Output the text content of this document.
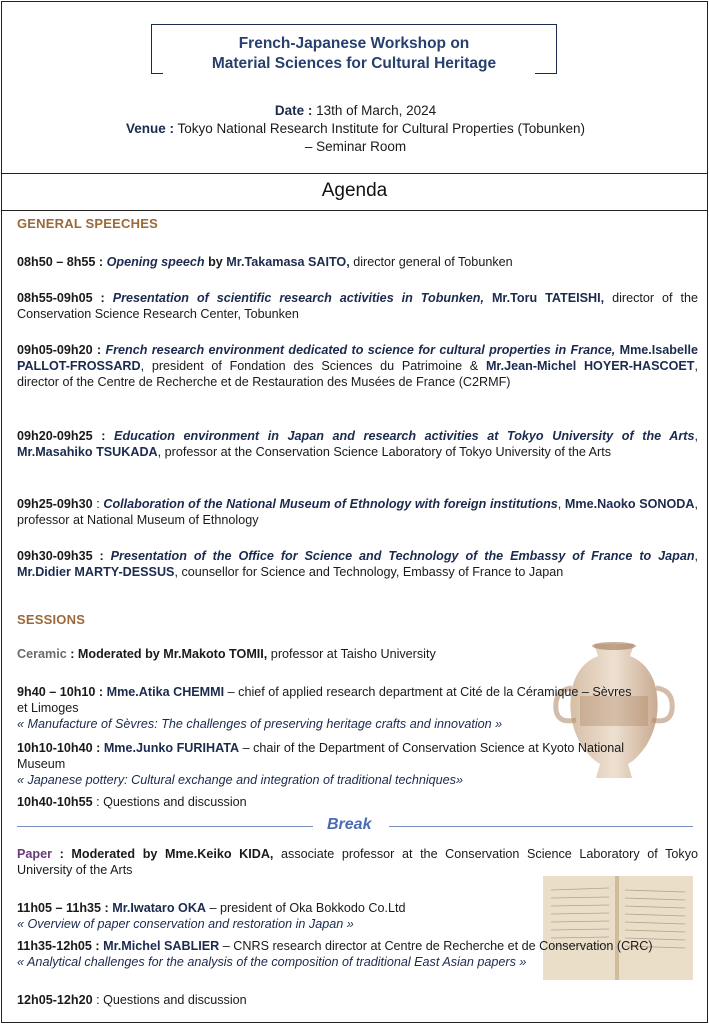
French-Japanese Workshop on
Material Sciences for Cultural Heritage
Date : 13th of March, 2024
Venue : Tokyo National Research Institute for Cultural Properties (Tobunken)
– Seminar Room
Agenda
GENERAL SPEECHES
08h50 – 8h55 : Opening speech by Mr.Takamasa SAITO, director general of Tobunken
08h55-09h05 : Presentation of scientific research activities in Tobunken, Mr.Toru TATEISHI, director of the Conservation Science Research Center, Tobunken
09h05-09h20 : French research environment dedicated to science for cultural properties in France, Mme.Isabelle PALLOT-FROSSARD, president of Fondation des Sciences du Patrimoine & Mr.Jean-Michel HOYER-HASCOET, director of the Centre de Recherche et de Restauration des Musées de France (C2RMF)
09h20-09h25 : Education environment in Japan and research activities at Tokyo University of the Arts, Mr.Masahiko TSUKADA, professor at the Conservation Science Laboratory of Tokyo University of the Arts
09h25-09h30 : Collaboration of the National Museum of Ethnology with foreign institutions, Mme.Naoko SONODA, professor at National Museum of Ethnology
09h30-09h35 : Presentation of the Office for Science and Technology of the Embassy of France to Japan, Mr.Didier MARTY-DESSUS, counsellor for Science and Technology, Embassy of France to Japan
SESSIONS
Ceramic : Moderated by Mr.Makoto TOMII, professor at Taisho University
9h40 – 10h10 : Mme.Atika CHEMMI – chief of applied research department at Cité de la Céramique – Sèvres et Limoges
« Manufacture of Sèvres: The challenges of preserving heritage crafts and innovation »
10h10-10h40 : Mme.Junko FURIHATA – chair of the Department of Conservation Science at Kyoto National Museum
« Japanese pottery: Cultural exchange and integration of traditional techniques»
10h40-10h55 : Questions and discussion
Break
Paper : Moderated by Mme.Keiko KIDA, associate professor at the Conservation Science Laboratory of Tokyo University of the Arts
11h05 – 11h35 : Mr.Iwataro OKA – president of Oka Bokkodo Co.Ltd
« Overview of paper conservation and restoration in Japan »
11h35-12h05 : Mr.Michel SABLIER – CNRS research director at Centre de Recherche et de Conservation (CRC)
« Analytical challenges for the analysis of the composition of traditional East Asian papers »
12h05-12h20 : Questions and discussion
